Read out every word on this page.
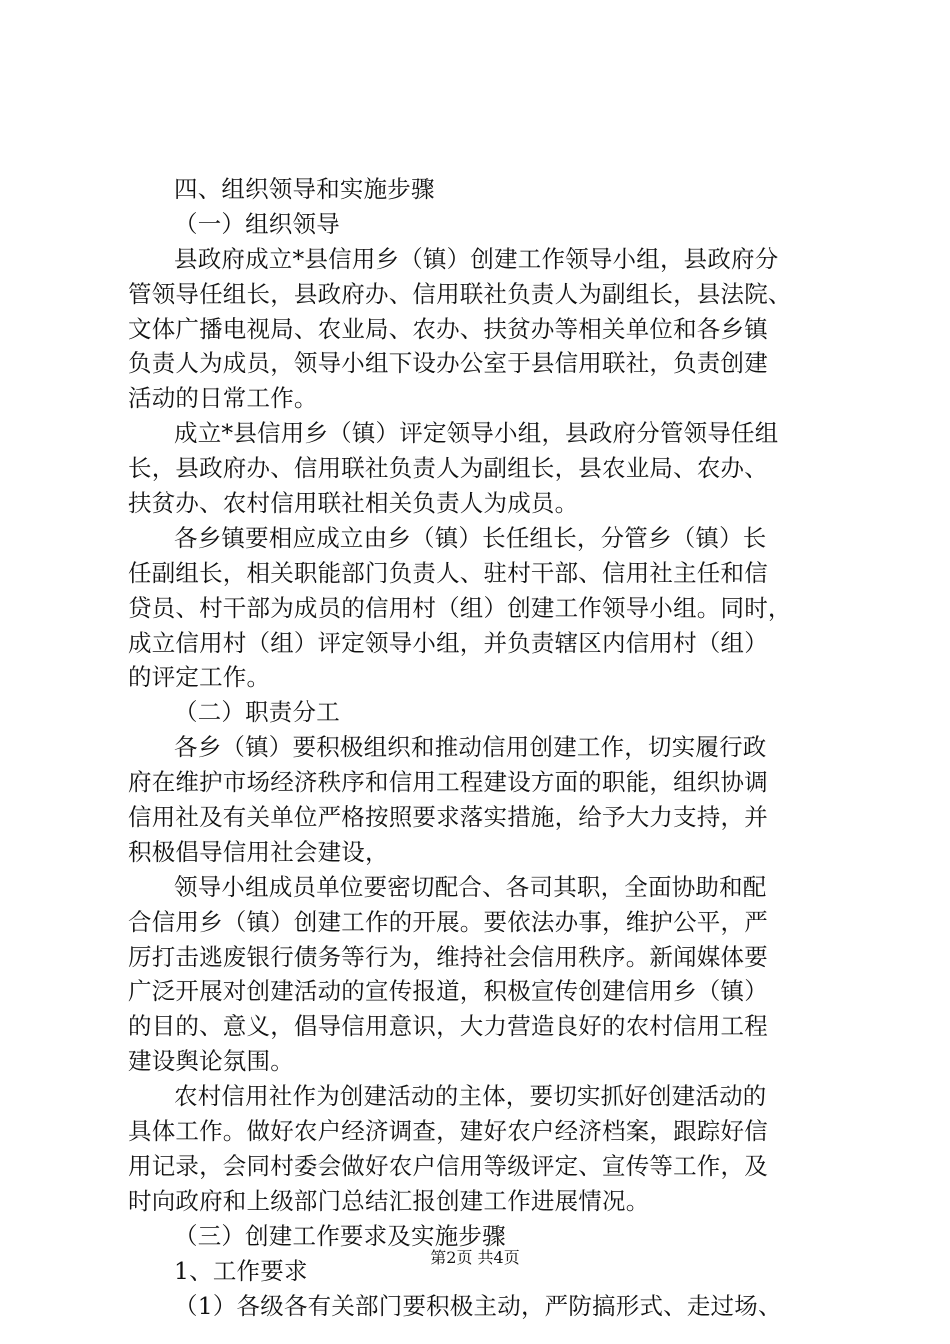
四、组织领导和实施步骤
（一）组织领导
县政府成立*县信用乡（镇）创建工作领导小组，县政府分
管领导任组长，县政府办、信用联社负责人为副组长，县法院、
文体广播电视局、农业局、农办、扶贫办等相关单位和各乡镇
负责人为成员，领导小组下设办公室于县信用联社，负责创建
活动的日常工作。
成立*县信用乡（镇）评定领导小组，县政府分管领导任组
长，县政府办、信用联社负责人为副组长，县农业局、农办、
扶贫办、农村信用联社相关负责人为成员。
各乡镇要相应成立由乡（镇）长任组长，分管乡（镇）长
任副组长，相关职能部门负责人、驻村干部、信用社主任和信
贷员、村干部为成员的信用村（组）创建工作领导小组。同时，
成立信用村（组）评定领导小组，并负责辖区内信用村（组）
的评定工作。
（二）职责分工
各乡（镇）要积极组织和推动信用创建工作，切实履行政
府在维护市场经济秩序和信用工程建设方面的职能，组织协调
信用社及有关单位严格按照要求落实措施，给予大力支持，并
积极倡导信用社会建设，
领导小组成员单位要密切配合、各司其职，全面协助和配
合信用乡（镇）创建工作的开展。要依法办事，维护公平，严
厉打击逃废银行债务等行为，维持社会信用秩序。新闻媒体要
广泛开展对创建活动的宣传报道，积极宣传创建信用乡（镇）
的目的、意义，倡导信用意识，大力营造良好的农村信用工程
建设舆论氛围。
农村信用社作为创建活动的主体，要切实抓好创建活动的
具体工作。做好农户经济调查，建好农户经济档案，跟踪好信
用记录，会同村委会做好农户信用等级评定、宣传等工作，及
时向政府和上级部门总结汇报创建工作进展情况。
（三）创建工作要求及实施步骤
1、工作要求
（1）各级各有关部门要积极主动，严防搞形式、走过场、
第2页 共4页
